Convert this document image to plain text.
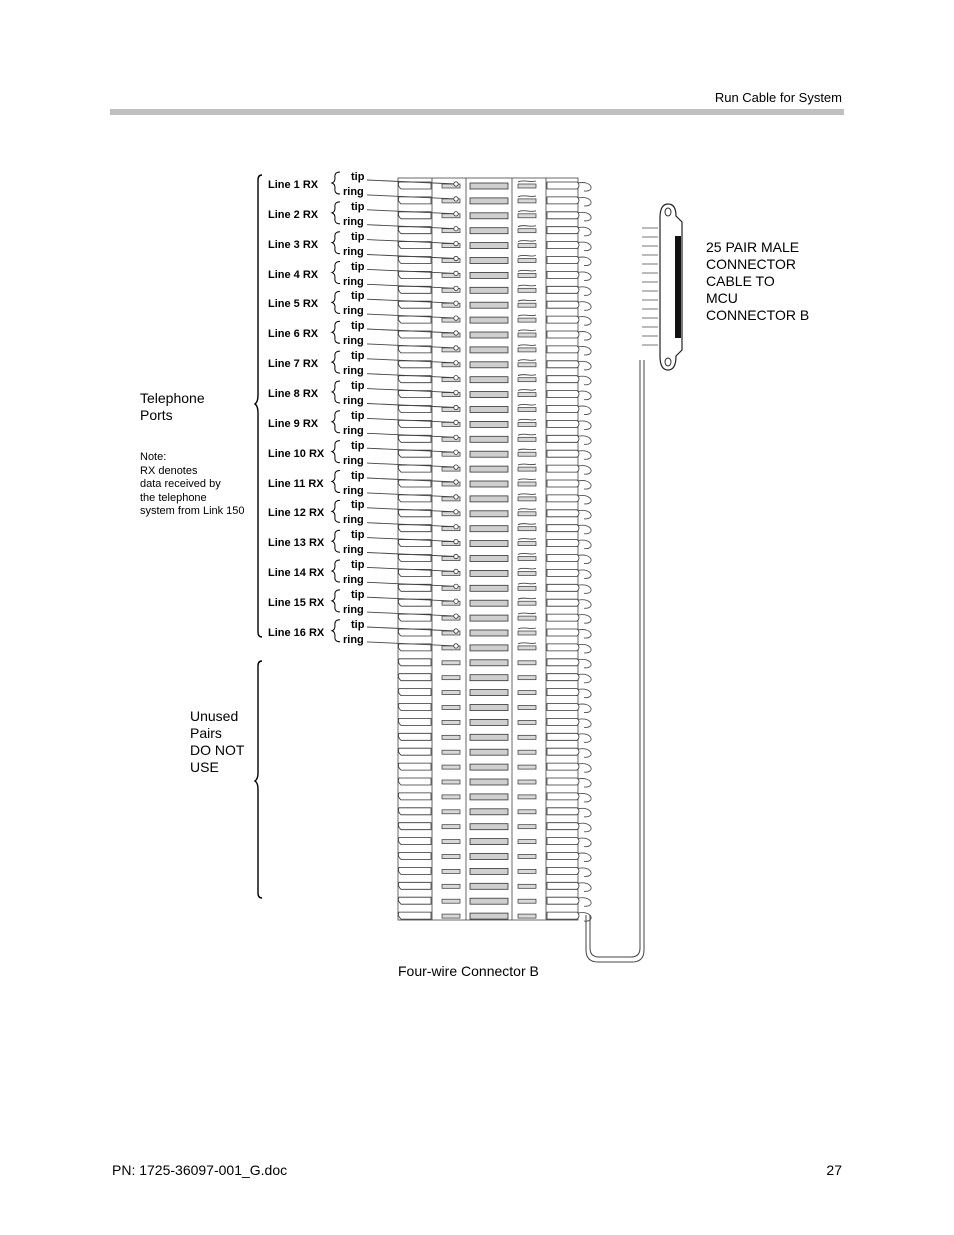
Run Cable for System
Line 1 RX
tip
ring
Line 2 RX
tip
ring
Line 3 RX
tip
ring
Line 4 RX
tip
ring
Line 5 RX
tip
ring
Line 6 RX
tip
ring
Line 7 RX
tip
ring
Line 8 RX
tip
ring
Line 9 RX
tip
ring
Line 10 RX
tip
ring
Line 11 RX
tip
ring
Line 12 RX
tip
ring
Line 13 RX
tip
ring
Line 14 RX
tip
ring
Line 15 RX
tip
ring
Line 16 RX
tip
ring
Telephone
Ports
Note:
RX denotes
data received by
the telephone
system from Link 150
Unused
Pairs
DO NOT
USE
25 PAIR MALE
CONNECTOR
CABLE TO
MCU
CONNECTOR B
Four-wire Connector B
PN: 1725-36097-001_G.doc	27
